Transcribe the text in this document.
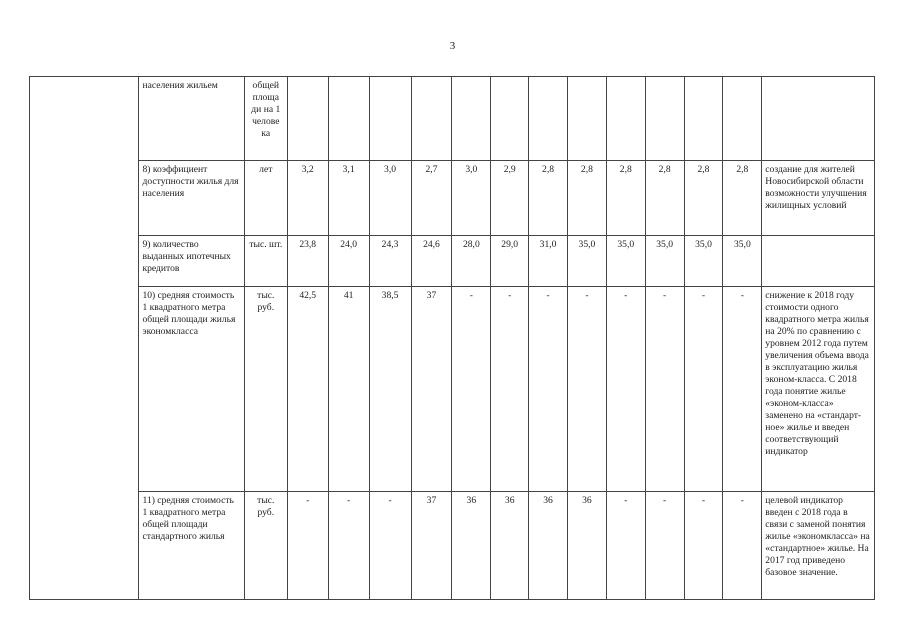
3
	населения жильем	общей площа ди на 1 челове ка													
	8) коэффициент доступности жилья для населения	лет	3,2	3,1	3,0	2,7	3,0	2,9	2,8	2,8	2,8	2,8	2,8	2,8	создание для жителей Новосибирской области возможности улучшения жилищных условий
	9) количество выданных ипотечных кредитов	тыс. шт.	23,8	24,0	24,3	24,6	28,0	29,0	31,0	35,0	35,0	35,0	35,0	35,0	
	10) средняя стоимость 1 квадратного метра общей площади жилья экономкласса	тыс. руб.	42,5	41	38,5	37	-	-	-	-	-	-	-	-	снижение к 2018 году стоимости одного квадратного метра жилья на 20% по сравнению с уровнем 2012 года путем увеличения объема ввода в эксплуатацию жилья эконом-класса. С 2018 года понятие жилье «эконом-класса» заменено на «стандарт-ное» жилье и введен соответствующий индикатор
	11) средняя стоимость 1 квадратного метра общей площади стандартного жилья	тыс. руб.	-	-	-	37	36	36	36	36	-	-	-	-	целевой индикатор введен с 2018 года в связи с заменой понятия жилье «экономкласса» на «стандартное» жилье. На 2017 год приведено базовое значение.
